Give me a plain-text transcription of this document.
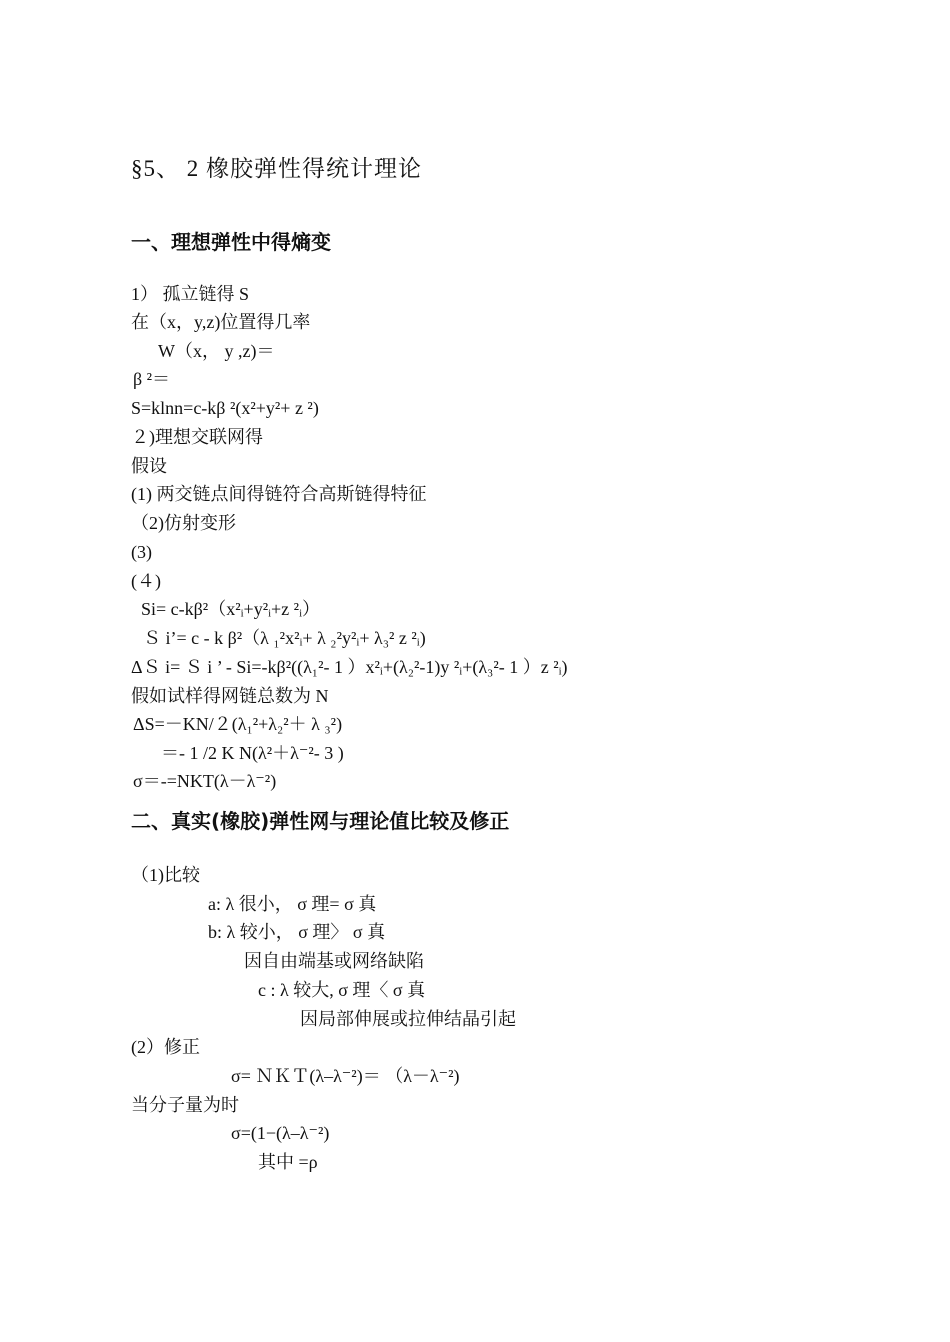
§5、 2 橡胶弹性得统计理论
一、理想弹性中得熵变
1） 孤立链得 S
在（x，y,z)位置得几率
W（x， y ,z)＝
β ²＝
S=klnn=c-kβ ²(x²+y²+ z ²)
２)理想交联网得
假设
(1) 两交链点间得链符合高斯链得特征
（2)仿射变形
(3)
(４)
Si= c-kβ²（x²ᵢ+y²ᵢ+z ²ᵢ）
Ｓ i’= c - k β²（λ ₁²x²ᵢ+ λ ₂²y²ᵢ+ λ₃² z ²ᵢ)
ΔＳ i= Ｓ i ’ - Si=-kβ²((λ₁²- 1 ）x²ᵢ+(λ₂²-1)y ²ᵢ+(λ₃²- 1 ）z ²ᵢ)
假如试样得网链总数为 N
ΔS=－KN/２(λ₁²+λ₂²＋ λ ₃²)
＝- 1 /2 K N(λ²＋λ⁻²- 3 )
σ＝-=NKT(λ－λ⁻²)
二、真实(橡胶)弹性网与理论值比较及修正
（1)比较
a: λ 很小， σ 理= σ 真
b: λ 较小， σ 理〉 σ 真
因自由端基或网络缺陷
c : λ 较大, σ 理〈 σ 真
因局部伸展或拉伸结晶引起
(2）修正
σ= ＮＫＴ(λ–λ⁻²)＝ （λ－λ⁻²)
当分子量为时
σ=(1−(λ–λ⁻²)
其中 =ρ
